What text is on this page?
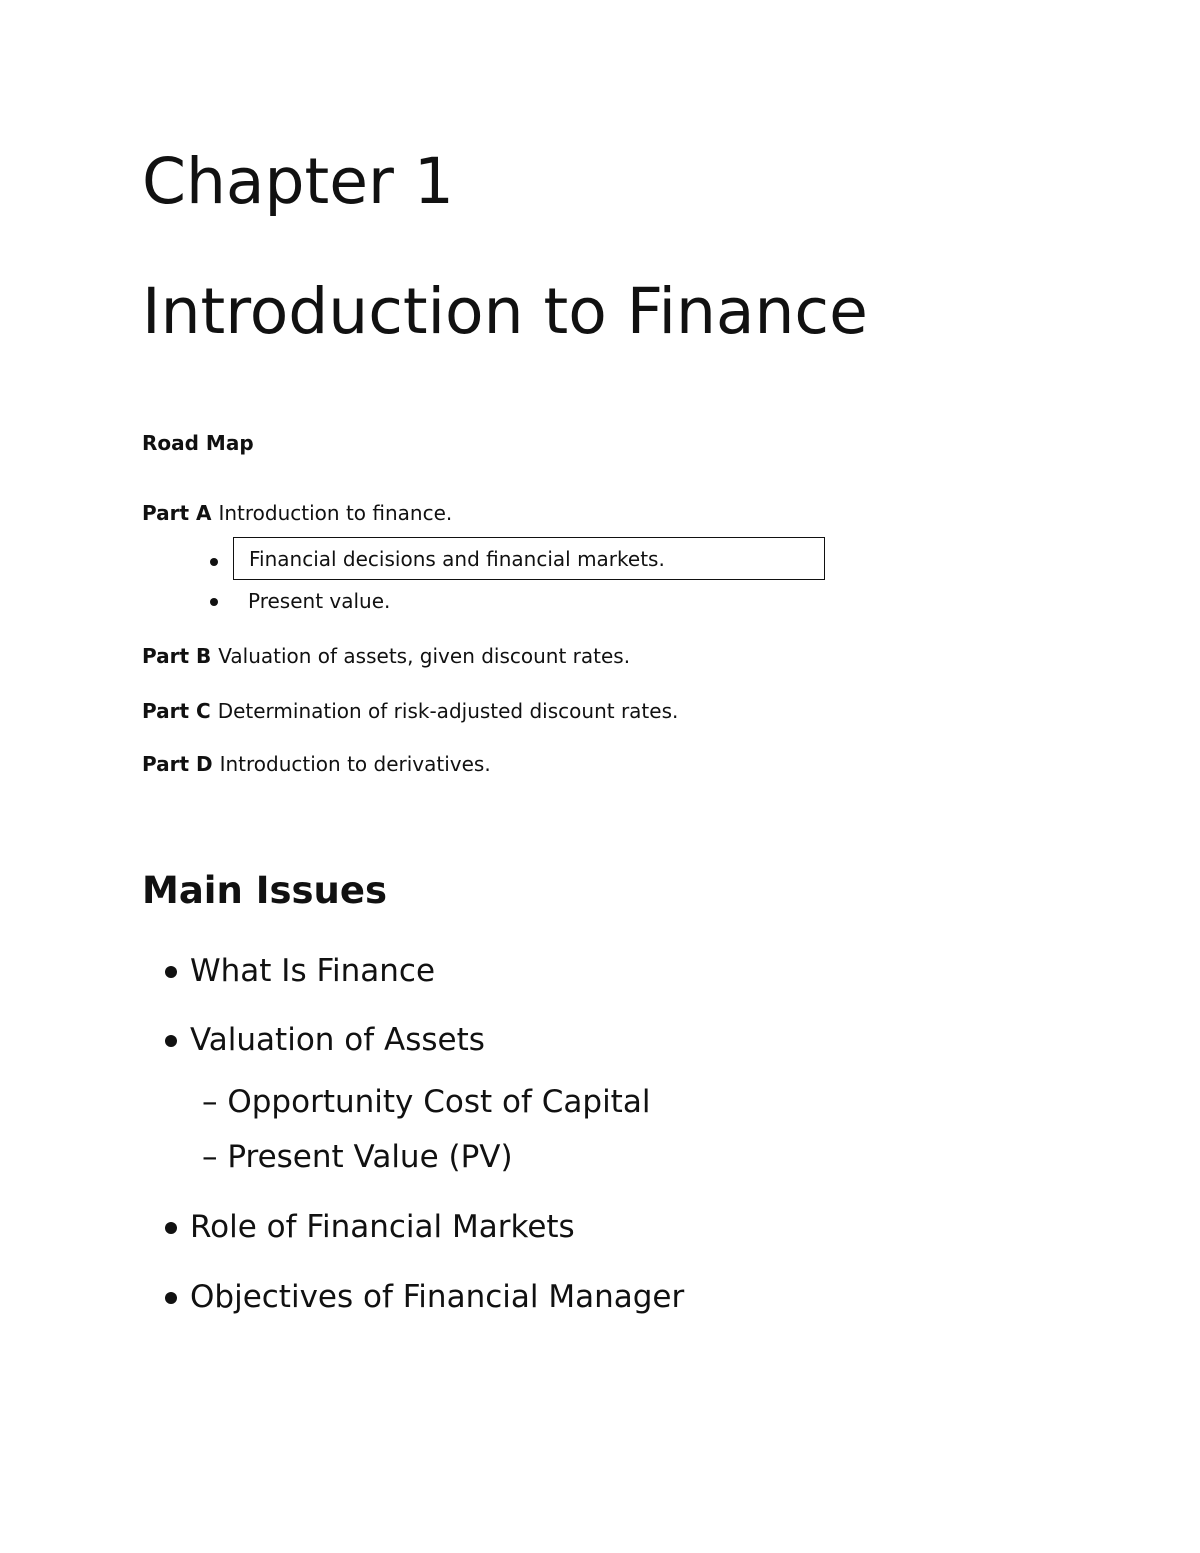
Chapter 1
Introduction to Finance
Road Map
Part A Introduction to finance.
Financial decisions and financial markets.
Present value.
Part B Valuation of assets, given discount rates.
Part C Determination of risk-adjusted discount rates.
Part D Introduction to derivatives.
Main Issues
What Is Finance
Valuation of Assets
– Opportunity Cost of Capital
– Present Value (PV)
Role of Financial Markets
Objectives of Financial Manager
